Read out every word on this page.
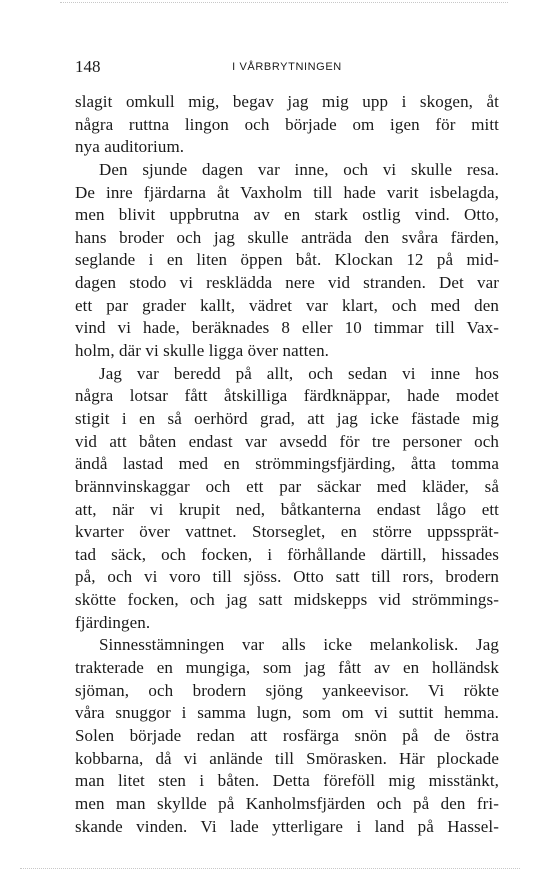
148	I VÅRBRYTNINGEN
slagit omkull mig, begav jag mig upp i skogen, åt
några ruttna lingon och började om igen för mitt
nya auditorium.
Den sjunde dagen var inne, och vi skulle resa.
De inre fjärdarna åt Vaxholm till hade varit isbelagda,
men blivit uppbrutna av en stark ostlig vind. Otto,
hans broder och jag skulle anträda den svåra färden,
seglande i en liten öppen båt. Klockan 12 på mid-
dagen stodo vi resklädda nere vid stranden. Det var
ett par grader kallt, vädret var klart, och med den
vind vi hade, beräknades 8 eller 10 timmar till Vax-
holm, där vi skulle ligga över natten.
Jag var beredd på allt, och sedan vi inne hos
några lotsar fått åtskilliga färdknäppar, hade modet
stigit i en så oerhörd grad, att jag icke fästade mig
vid att båten endast var avsedd för tre personer och
ändå lastad med en strömmingsfjärding, åtta tomma
brännvinskaggar och ett par säckar med kläder, så
att, när vi krupit ned, båtkanterna endast lågo ett
kvarter över vattnet. Storseglet, en större uppssprät-
tad säck, och focken, i förhållande därtill, hissades
på, och vi voro till sjöss. Otto satt till rors, brodern
skötte focken, och jag satt midskepps vid strömmings-
fjärdingen.
Sinnesstämningen var alls icke melankolisk. Jag
trakterade en mungiga, som jag fått av en holländsk
sjöman, och brodern sjöng yankeevisor. Vi rökte
våra snuggor i samma lugn, som om vi suttit hemma.
Solen började redan att rosfärga snön på de östra
kobbarna, då vi anlände till Smörasken. Här plockade
man litet sten i båten. Detta föreföll mig misstänkt,
men man skyllde på Kanholmsfjärden och på den fri-
skande vinden. Vi lade ytterligare i land på Hassel-
